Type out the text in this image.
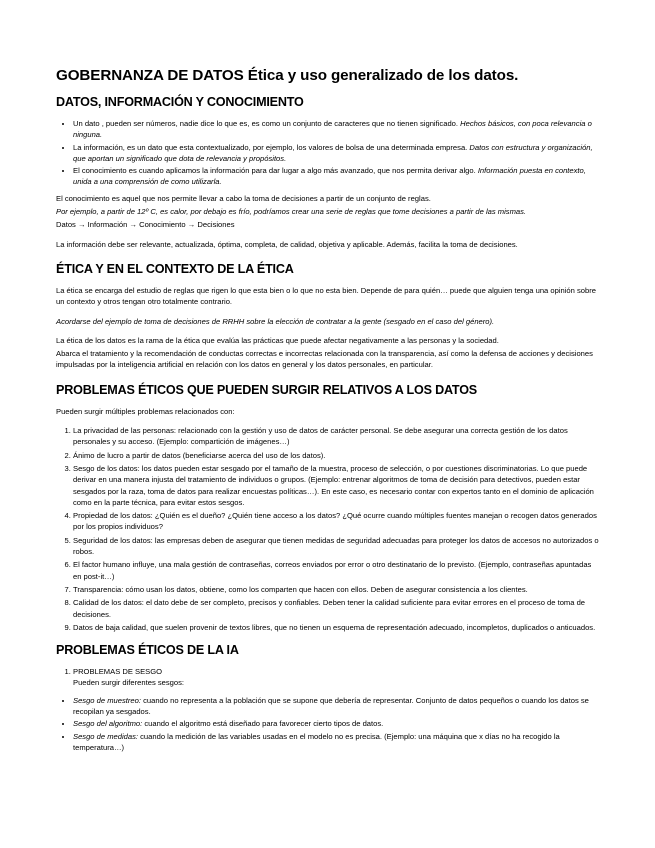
GOBERNANZA DE DATOS Ética y uso generalizado de los datos.
DATOS, INFORMACIÓN Y CONOCIMIENTO
• Un dato , pueden ser números, nadie dice lo que es, es como un conjunto de caracteres que no tienen significado. Hechos básicos, con poca relevancia o ninguna.
• La información, es un dato que esta contextualizado, por ejemplo, los valores de bolsa de una determinada empresa. Datos con estructura y organización, que aportan un significado que dota de relevancia y propósitos.
• El conocimiento es cuando aplicamos la información para dar lugar a algo más avanzado, que nos permita derivar algo. Información puesta en contexto, unida a una comprensión de como utilizarla.

El conocimiento es aquel que nos permite llevar a cabo la toma de decisiones a partir de un conjunto de reglas.

Por ejemplo, a partir de 12º C, es calor, por debajo es frío, podríamos crear una serie de reglas que tome decisiones a partir de las mismas.

Datos → Información → Conocimiento → Decisiones

La información debe ser relevante, actualizada, óptima, completa, de calidad, objetiva y aplicable. Además, facilita la toma de decisiones.

ÉTICA Y EN EL CONTEXTO DE LA ÉTICA

La ética se encarga del estudio de reglas que rigen lo que esta bien o lo que no esta bien. Depende de para quién… puede que alguien tenga una opinión sobre un contexto y otros tengan otro totalmente contrario.

Acordarse del ejemplo de toma de decisiones de RRHH sobre la elección de contratar a la gente (sesgado en el caso del género).

La ética de los datos es la rama de la ética que evalúa las prácticas que puede afectar negativamente a las personas y la sociedad.

Abarca el tratamiento y la recomendación de conductas correctas e incorrectas relacionada con la transparencia, así como la defensa de acciones y decisiones impulsadas por la inteligencia artificial en relación con los datos en general y los datos personales, en particular.

PROBLEMAS ÉTICOS QUE PUEDEN SURGIR RELATIVOS A LOS DATOS

Pueden surgir múltiples problemas relacionados con:

1. La privacidad de las personas: relacionado con la gestión y uso de datos de carácter personal. Se debe asegurar una correcta gestión de los datos personales y su acceso. (Ejemplo: compartición de imágenes…)
2. Ánimo de lucro a partir de datos (beneficiarse acerca del uso de los datos).
3. Sesgo de los datos: los datos pueden estar sesgado por el tamaño de la muestra, proceso de selección, o por cuestiones discriminatorias. Lo que puede derivar en una manera injusta del tratamiento de individuos o grupos. (Ejemplo: entrenar algoritmos de toma de decisión para detectivos, pueden estar sesgados por la raza, toma de datos para realizar encuestas políticas…). En este caso, es necesario contar con expertos tanto en el dominio de aplicación como en la parte técnica, para evitar estos sesgos.
4. Propiedad de los datos: ¿Quién es el dueño? ¿Quién tiene acceso a los datos? ¿Qué ocurre cuando múltiples fuentes manejan o recogen datos generados por los propios individuos?
5. Seguridad de los datos: las empresas deben de asegurar que tienen medidas de seguridad adecuadas para proteger los datos de accesos no autorizados o robos.
6. El factor humano influye, una mala gestión de contraseñas, correos enviados por error o otro destinatario de lo previsto. (Ejemplo, contraseñas apuntadas en post-it…)
7. Transparencia: cómo usan los datos, obtiene, como los comparten que hacen con ellos. Deben de asegurar consistencia a los clientes.
8. Calidad de los datos: el dato debe de ser completo, precisos y confiables. Deben tener la calidad suficiente para evitar errores en el proceso de toma de decisiones.
9. Datos de baja calidad, que suelen provenir de textos libres, que no tienen un esquema de representación adecuado, incompletos, duplicados o anticuados.
PROBLEMAS ÉTICOS DE LA IA
1. PROBLEMAS DE SESGO
Pueden surgir diferentes sesgos:
• Sesgo de muestreo: cuando no representa a la población que se supone que debería de representar. Conjunto de datos pequeños o cuando los datos se recopilan ya sesgados.
• Sesgo del algoritmo: cuando el algoritmo está diseñado para favorecer cierto tipos de datos.
• Sesgo de medidas: cuando la medición de las variables usadas en el modelo no es precisa. (Ejemplo: una máquina que x días no ha recogido la temperatura…)
